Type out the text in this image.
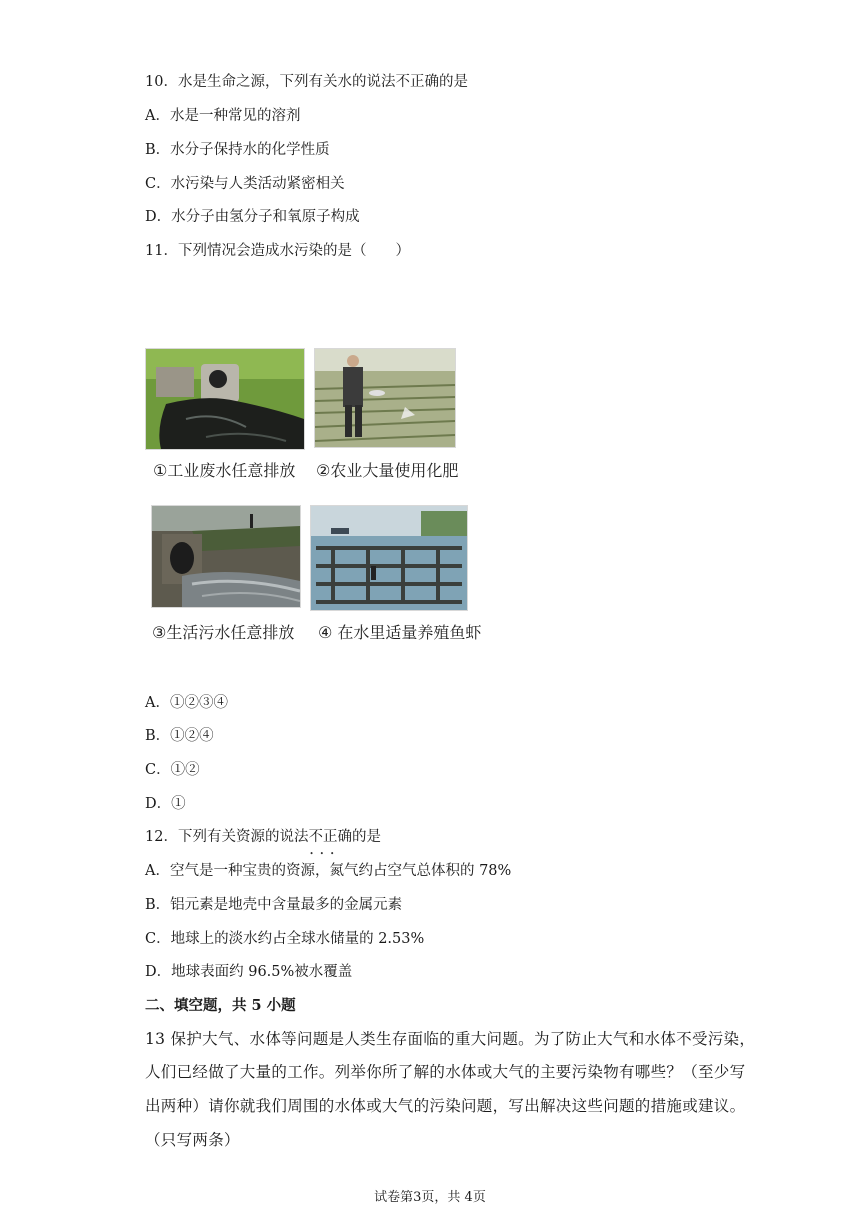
10．水是生命之源，下列有关水的说法不正确的是
A．水是一种常见的溶剂
B．水分子保持水的化学性质
C．水污染与人类活动紧密相关
D．水分子由氢分子和氧原子构成
11．下列情况会造成水污染的是（　　）
①工业废水任意排放 ②农业大量使用化肥
③生活污水任意排放 ④ 在水里适量养殖鱼虾
A．①②③④
B．①②④
C．①②
D．①
12．下列有关资源的说法不正确 • • •的是
A．空气是一种宝贵的资源，氮气约占空气总体积的 78%
B．铝元素是地壳中含量最多的金属元素
C．地球上的淡水约占全球水储量的 2.53%
D．地球表面约 96.5%被水覆盖
二、填空题，共 5 小题
13 保护大气、水体等问题是人类生存面临的重大问题。为了防止大气和水体不受污染，
人们已经做了大量的工作。列举你所了解的水体或大气的主要污染物有哪些？（至少写
出两种）请你就我们周围的水体或大气的污染问题，写出解决这些问题的措施或建议。
（只写两条）
试卷第3页，共 4页
